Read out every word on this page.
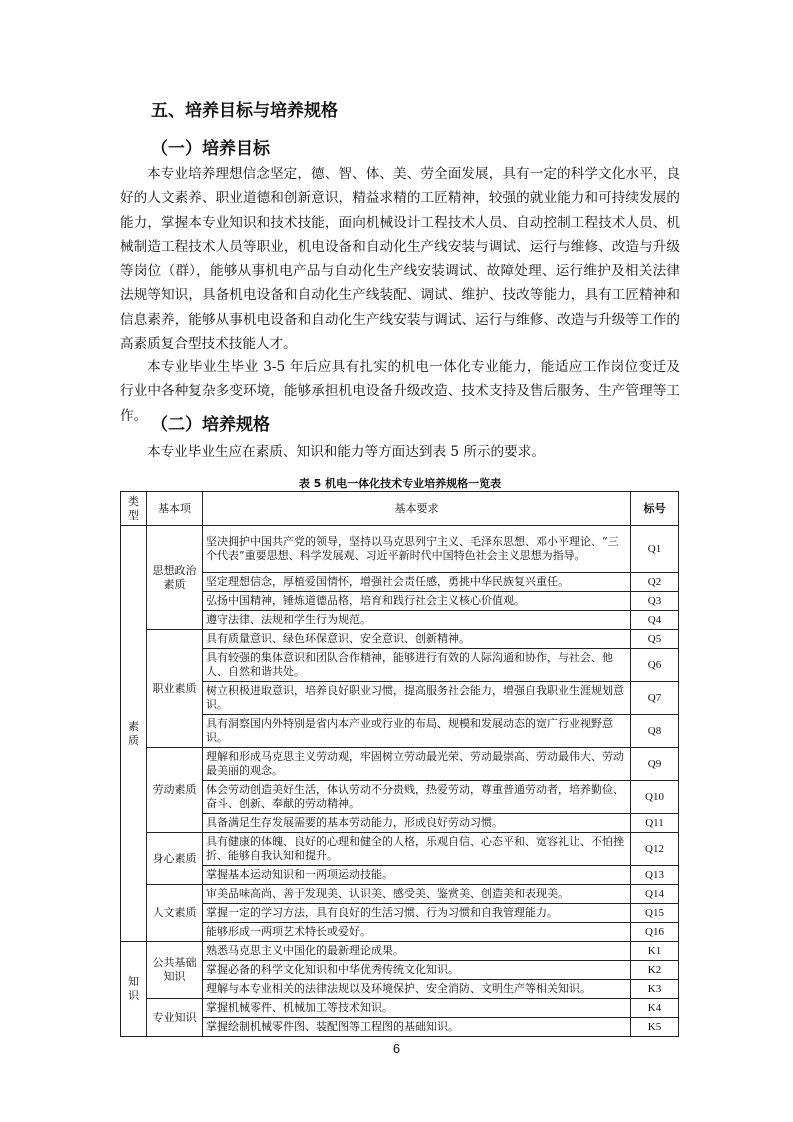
五、培养目标与培养规格
（一）培养目标
本专业培养理想信念坚定，德、智、体、美、劳全面发展，具有一定的科学文化水平，良好的人文素养、职业道德和创新意识，精益求精的工匠精神，较强的就业能力和可持续发展的能力，掌握本专业知识和技术技能，面向机械设计工程技术人员、自动控制工程技术人员、机械制造工程技术人员等职业，机电设备和自动化生产线安装与调试、运行与维修、改造与升级等岗位（群），能够从事机电产品与自动化生产线安装调试、故障处理、运行维护及相关法律法规等知识，具备机电设备和自动化生产线装配、调试、维护、技改等能力，具有工匠精神和信息素养，能够从事机电设备和自动化生产线安装与调试、运行与维修、改造与升级等工作的高素质复合型技术技能人才。
本专业毕业生毕业 3-5 年后应具有扎实的机电一体化专业能力，能适应工作岗位变迁及行业中各种复杂多变环境，能够承担机电设备升级改造、技术支持及售后服务、生产管理等工作。 （二）培养规格
本专业毕业生应在素质、知识和能力等方面达到表 5 所示的要求。
表 5 机电一体化技术专业培养规格一览表
类型	基本项	基本要求	标号
素质	思想政治素质	坚决拥护中国共产党的领导，坚持以马克思列宁主义、毛泽东思想、邓小平理论、“三个代表”重要思想、科学发展观、习近平新时代中国特色社会主义思想为指导。	Q1
		坚定理想信念，厚植爱国情怀，增强社会责任感，勇挑中华民族复兴重任。	Q2
		弘扬中国精神，锤炼道德品格，培育和践行社会主义核心价值观。	Q3
		遵守法律、法规和学生行为规范。	Q4
	职业素质	具有质量意识、绿色环保意识、安全意识、创新精神。	Q5
		具有较强的集体意识和团队合作精神，能够进行有效的人际沟通和协作，与社会、他人、自然和谐共处。	Q6
		树立积极进取意识，培养良好职业习惯，提高服务社会能力，增强自我职业生涯规划意识。	Q7
		具有洞察国内外特别是省内本产业或行业的布局、规模和发展动态的宽广行业视野意识。	Q8
	劳动素质	理解和形成马克思主义劳动观，牢固树立劳动最光荣、劳动最崇高、劳动最伟大、劳动最美丽的观念。	Q9
		体会劳动创造美好生活，体认劳动不分贵贱，热爱劳动，尊重普通劳动者，培养勤俭、奋斗、创新、奉献的劳动精神。	Q10
		具备满足生存发展需要的基本劳动能力，形成良好劳动习惯。	Q11
	身心素质	具有健康的体魄、良好的心理和健全的人格，乐观自信、心态平和、宽容礼让、不怕挫折、能够自我认知和提升。	Q12
		掌握基本运动知识和一两项运动技能。	Q13
	人文素质	审美品味高尚、善于发现美、认识美、感受美、鉴赏美、创造美和表现美。	Q14
		掌握一定的学习方法，具有良好的生活习惯、行为习惯和自我管理能力。	Q15
		能够形成一两项艺术特长或爱好。	Q16
知识	公共基础知识	熟悉马克思主义中国化的最新理论成果。	K1
		掌握必备的科学文化知识和中华优秀传统文化知识。	K2
		理解与本专业相关的法律法规以及环境保护、安全消防、文明生产等相关知识。	K3
	专业知识	掌握机械零件、机械加工等技术知识。	K4
		掌握绘制机械零件图、装配图等工程图的基础知识。	K5
6
